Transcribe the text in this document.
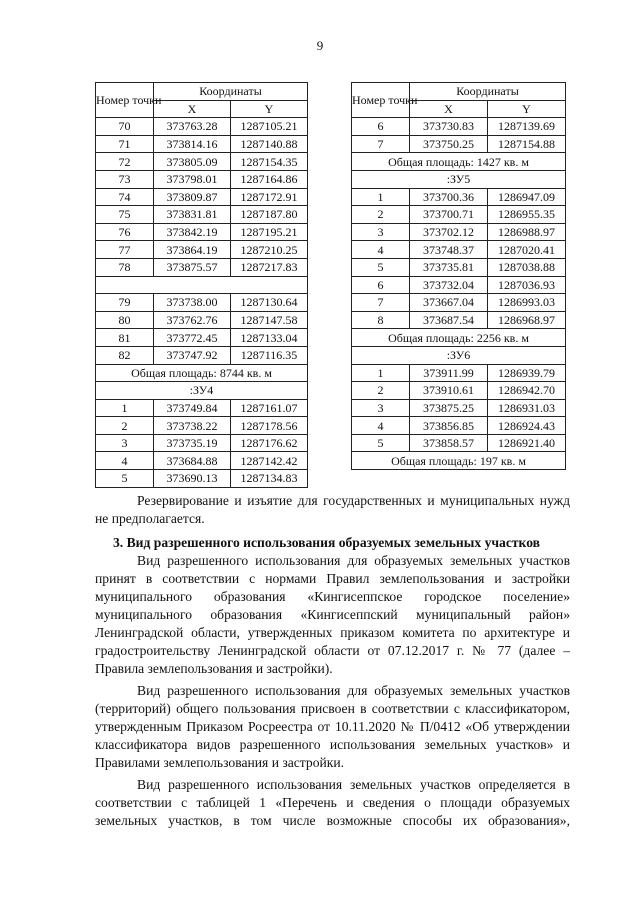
9
Номер точки	Координаты	
	X	Y
70	373763.28	1287105.21
71	373814.16	1287140.88
72	373805.09	1287154.35
73	373798.01	1287164.86
74	373809.87	1287172.91
75	373831.81	1287187.80
76	373842.19	1287195.21
77	373864.19	1287210.25
78	373875.57	1287217.83

79	373738.00	1287130.64
80	373762.76	1287147.58
81	373772.45	1287133.04
82	373747.92	1287116.35
Общая площадь: 8744 кв. м		
:ЗУ4		
1	373749.84	1287161.07
2	373738.22	1287178.56
3	373735.19	1287176.62
4	373684.88	1287142.42
5	373690.13	1287134.83
Номер точки	Координаты	
	X	Y
6	373730.83	1287139.69
7	373750.25	1287154.88
Общая площадь: 1427 кв. м		
:ЗУ5		
1	373700.36	1286947.09
2	373700.71	1286955.35
3	373702.12	1286988.97
4	373748.37	1287020.41
5	373735.81	1287038.88
6	373732.04	1287036.93
7	373667.04	1286993.03
8	373687.54	1286968.97
Общая площадь: 2256 кв. м		
:ЗУ6		
1	373911.99	1286939.79
2	373910.61	1286942.70
3	373875.25	1286931.03
4	373856.85	1286924.43
5	373858.57	1286921.40
Общая площадь: 197 кв. м		

Резервирование и изъятие для государственных и муниципальных нужд не предполагается.

3. Вид разрешенного использования образуемых земельных участков

Вид разрешенного использования для образуемых земельных участков принят в соответствии с нормами Правил землепользования и застройки муниципального образования «Кингисеппское городское поселение» муниципального образования «Кингисеппский муниципальный район» Ленинградской области, утвержденных приказом комитета по архитектуре и градостроительству Ленинградской области от 07.12.2017 г. № 77 (далее – Правила землепользования и застройки).

Вид разрешенного использования для образуемых земельных участков (территорий) общего пользования присвоен в соответствии с классификатором, утвержденным Приказом Росреестра от 10.11.2020 № П/0412 «Об утверждении классификатора видов разрешенного использования земельных участков» и Правилами землепользования и застройки.

Вид разрешенного использования земельных участков определяется в соответствии с таблицей 1 «Перечень и сведения о площади образуемых земельных участков, в том числе возможные способы их образования»,
